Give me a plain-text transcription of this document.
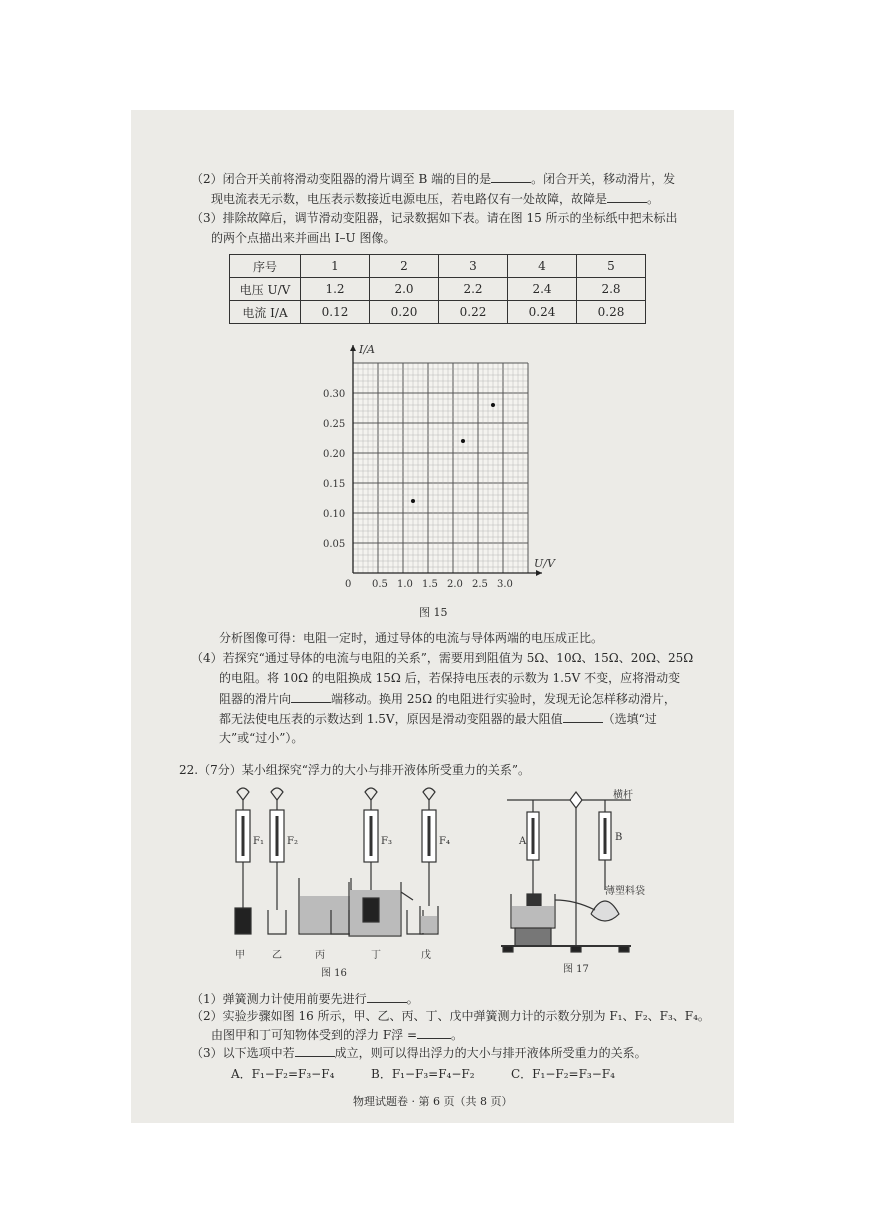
（2）闭合开关前将滑动变阻器的滑片调至 B 端的目的是	。闭合开关，移动滑片，发
现电流表无示数，电压表示数接近电源电压，若电路仅有一处故障，故障是	。
（3）排除故障后，调节滑动变阻器，记录数据如下表。请在图 15 所示的坐标纸中把未标出
的两个点描出来并画出 I–U 图像。
序号	1	2	3	4	5
电压 U/V	1.2	2.0	2.2	2.4	2.8
电流 I/A	0.12	0.20	0.22	0.24	0.28
0 0.5 1.0 1.5 2.0 2.5 3.0
0.05
0.10
0.15
0.20
0.25
0.30
U/V
I/A
图 15
分析图像可得：电阻一定时，通过导体的电流与导体两端的电压成正比。
（4）若探究“通过导体的电流与电阻的关系”，需要用到阻值为 5Ω、10Ω、15Ω、20Ω、25Ω
的电阻。将 10Ω 的电阻换成 15Ω 后，若保持电压表的示数为 1.5V 不变，应将滑动变
阻器的滑片向	端移动。换用 25Ω 的电阻进行实验时，发现无论怎样移动滑片，
都无法使电压表的示数达到 1.5V，原因是滑动变阻器的最大阻值	（选填“过
大”或“过小”）。
22.（7分）某小组探究“浮力的大小与排开液体所受重力的关系”。
F₁ F₂	F₃	F₄
甲	乙	丙	丁	戊
图 16
横杆
A	B
薄塑料袋
图 17
（1）弹簧测力计使用前要先进行	。
（2）实验步骤如图 16 所示，甲、乙、丙、丁、戊中弹簧测力计的示数分别为 F₁、F₂、F₃、F₄。
由图甲和丁可知物体受到的浮力 F浮 =	。
（3）以下选项中若	成立，则可以得出浮力的大小与排开液体所受重力的关系。
A．F₁−F₂=F₃−F₄	B．F₁−F₃=F₄−F₂	C．F₁−F₂=F₃−F₄
物理试题卷 · 第 6 页（共 8 页）
